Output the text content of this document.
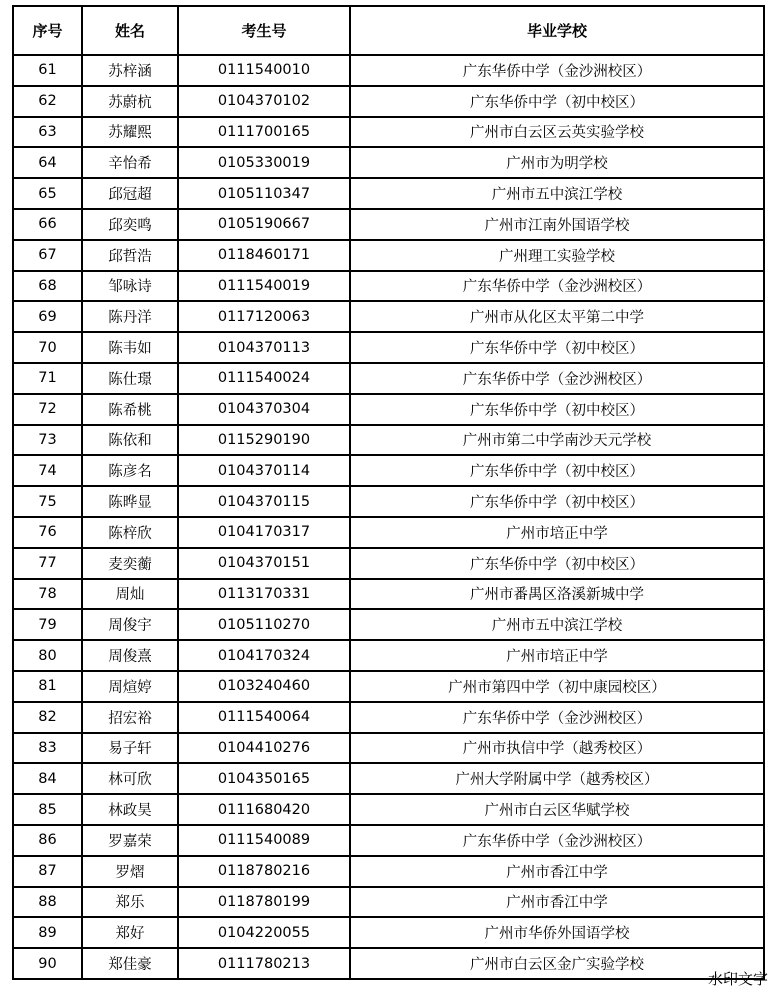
序号	姓名	考生号	毕业学校
61	苏梓涵	0111540010	广东华侨中学（金沙洲校区）
62	苏蔚杭	0104370102	广东华侨中学（初中校区）
63	苏耀熙	0111700165	广州市白云区云英实验学校
64	辛怡希	0105330019	广州市为明学校
65	邱冠超	0105110347	广州市五中滨江学校
66	邱奕鸣	0105190667	广州市江南外国语学校
67	邱哲浩	0118460171	广州理工实验学校
68	邹咏诗	0111540019	广东华侨中学（金沙洲校区）
69	陈丹洋	0117120063	广州市从化区太平第二中学
70	陈韦如	0104370113	广东华侨中学（初中校区）
71	陈仕璟	0111540024	广东华侨中学（金沙洲校区）
72	陈希桃	0104370304	广东华侨中学（初中校区）
73	陈依和	0115290190	广州市第二中学南沙天元学校
74	陈彦名	0104370114	广东华侨中学（初中校区）
75	陈晔显	0104370115	广东华侨中学（初中校区）
76	陈梓欣	0104170317	广州市培正中学
77	麦奕蘅	0104370151	广东华侨中学（初中校区）
78	周灿	0113170331	广州市番禺区洛溪新城中学
79	周俊宇	0105110270	广州市五中滨江学校
80	周俊熹	0104170324	广州市培正中学
81	周煊婷	0103240460	广州市第四中学（初中康园校区）
82	招宏裕	0111540064	广东华侨中学（金沙洲校区）
83	易子轩	0104410276	广州市执信中学（越秀校区）
84	林可欣	0104350165	广州大学附属中学（越秀校区）
85	林政昊	0111680420	广州市白云区华赋学校
86	罗嘉荣	0111540089	广东华侨中学（金沙洲校区）
87	罗熠	0118780216	广州市香江中学
88	郑乐	0118780199	广州市香江中学
89	郑好	0104220055	广州市华侨外国语学校
90	郑佳豪	0111780213	广州市白云区金广实验学校
水印文字
